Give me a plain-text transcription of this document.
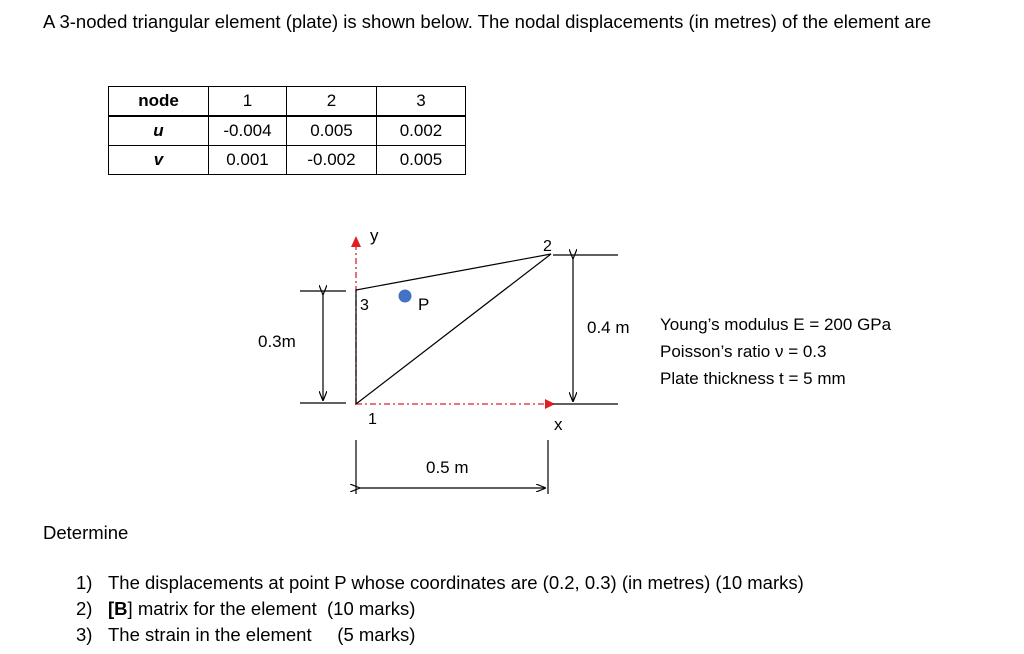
A 3-noded triangular element (plate) is shown below. The nodal displacements (in metres) of the element are
node	1	2	3
u	-0.004	0.005	0.002
v	0.001	-0.002	0.005
y
x
1
2
3	P
0.3m
0.4 m
0.5 m
Young’s modulus E = 200 GPa
Poisson’s ratio ν = 0.3
Plate thickness t = 5 mm
Determine
1) The displacements at point P whose coordinates are (0.2, 0.3) (in metres) (10 marks)
2) [B] matrix for the element  (10 marks)
3) The strain in the element     (5 marks)
